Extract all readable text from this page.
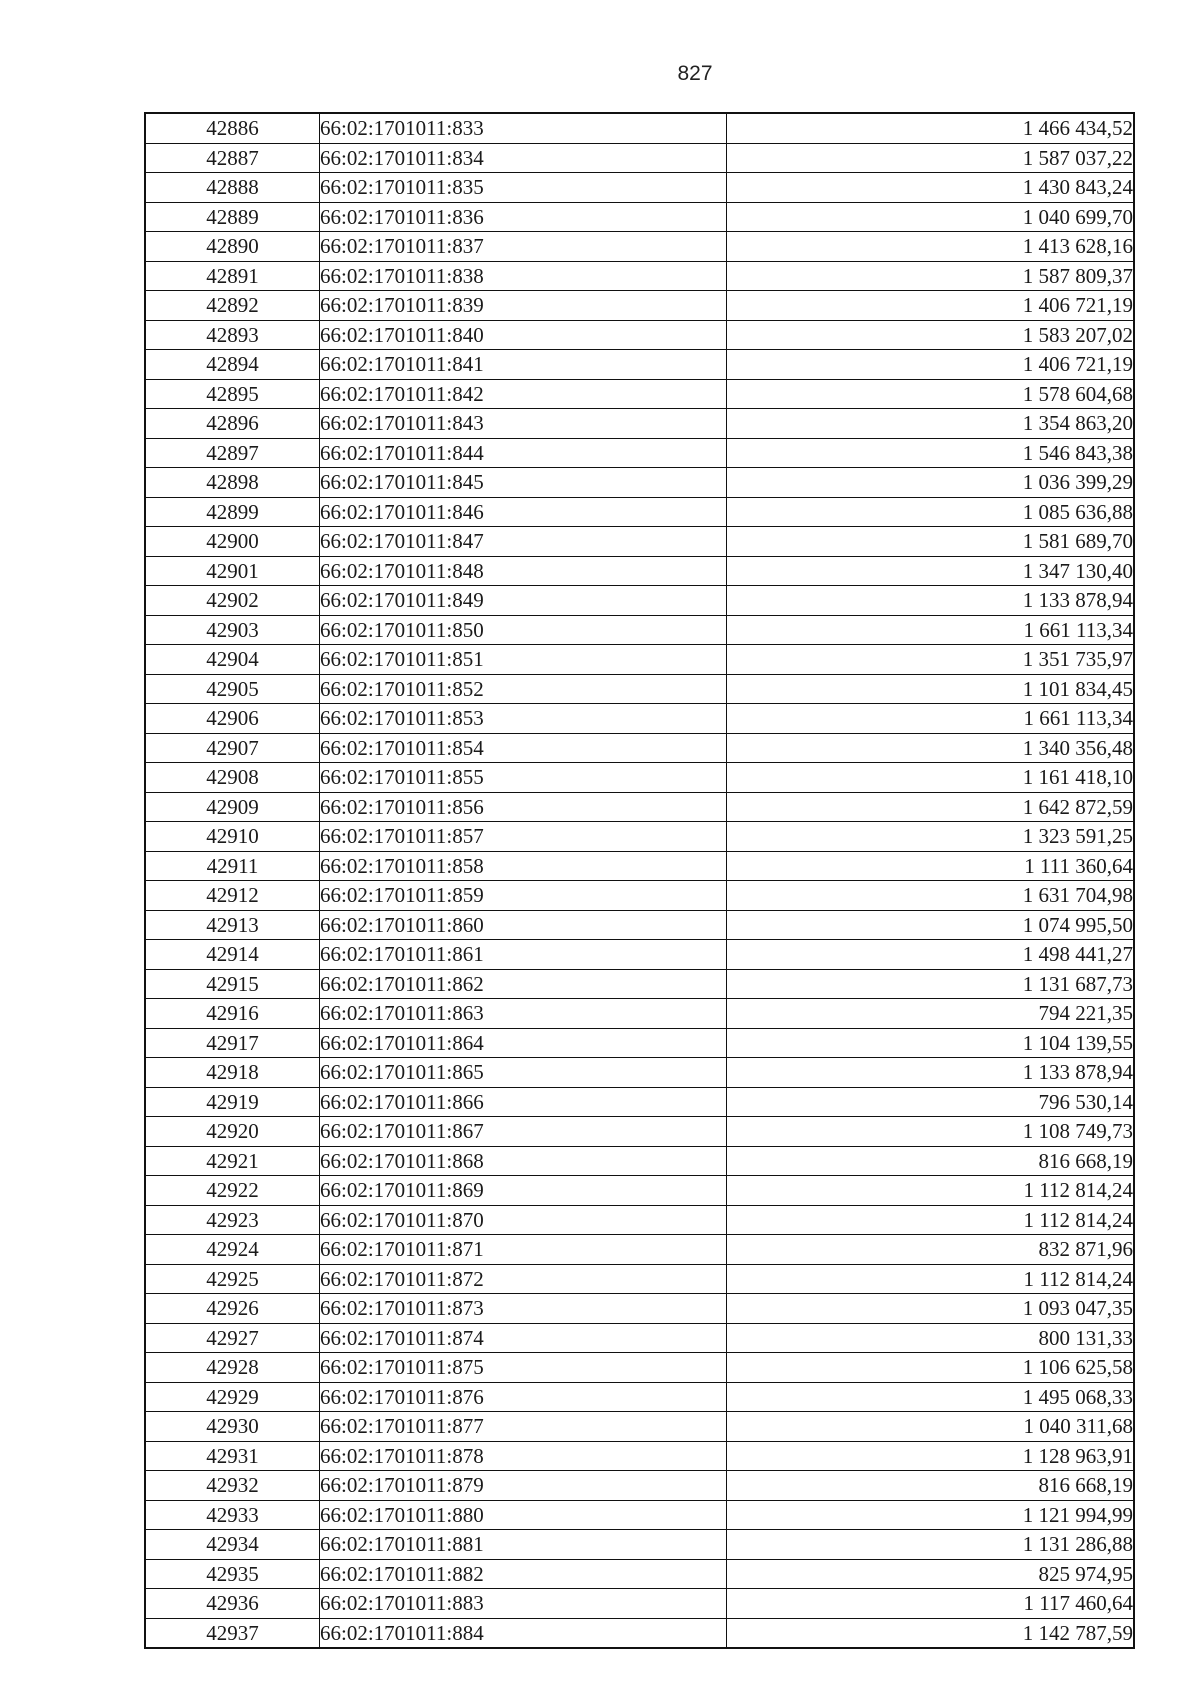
827
42886	66:02:1701011:833	1 466 434,52
42887	66:02:1701011:834	1 587 037,22
42888	66:02:1701011:835	1 430 843,24
42889	66:02:1701011:836	1 040 699,70
42890	66:02:1701011:837	1 413 628,16
42891	66:02:1701011:838	1 587 809,37
42892	66:02:1701011:839	1 406 721,19
42893	66:02:1701011:840	1 583 207,02
42894	66:02:1701011:841	1 406 721,19
42895	66:02:1701011:842	1 578 604,68
42896	66:02:1701011:843	1 354 863,20
42897	66:02:1701011:844	1 546 843,38
42898	66:02:1701011:845	1 036 399,29
42899	66:02:1701011:846	1 085 636,88
42900	66:02:1701011:847	1 581 689,70
42901	66:02:1701011:848	1 347 130,40
42902	66:02:1701011:849	1 133 878,94
42903	66:02:1701011:850	1 661 113,34
42904	66:02:1701011:851	1 351 735,97
42905	66:02:1701011:852	1 101 834,45
42906	66:02:1701011:853	1 661 113,34
42907	66:02:1701011:854	1 340 356,48
42908	66:02:1701011:855	1 161 418,10
42909	66:02:1701011:856	1 642 872,59
42910	66:02:1701011:857	1 323 591,25
42911	66:02:1701011:858	1 111 360,64
42912	66:02:1701011:859	1 631 704,98
42913	66:02:1701011:860	1 074 995,50
42914	66:02:1701011:861	1 498 441,27
42915	66:02:1701011:862	1 131 687,73
42916	66:02:1701011:863	794 221,35
42917	66:02:1701011:864	1 104 139,55
42918	66:02:1701011:865	1 133 878,94
42919	66:02:1701011:866	796 530,14
42920	66:02:1701011:867	1 108 749,73
42921	66:02:1701011:868	816 668,19
42922	66:02:1701011:869	1 112 814,24
42923	66:02:1701011:870	1 112 814,24
42924	66:02:1701011:871	832 871,96
42925	66:02:1701011:872	1 112 814,24
42926	66:02:1701011:873	1 093 047,35
42927	66:02:1701011:874	800 131,33
42928	66:02:1701011:875	1 106 625,58
42929	66:02:1701011:876	1 495 068,33
42930	66:02:1701011:877	1 040 311,68
42931	66:02:1701011:878	1 128 963,91
42932	66:02:1701011:879	816 668,19
42933	66:02:1701011:880	1 121 994,99
42934	66:02:1701011:881	1 131 286,88
42935	66:02:1701011:882	825 974,95
42936	66:02:1701011:883	1 117 460,64
42937	66:02:1701011:884	1 142 787,59
